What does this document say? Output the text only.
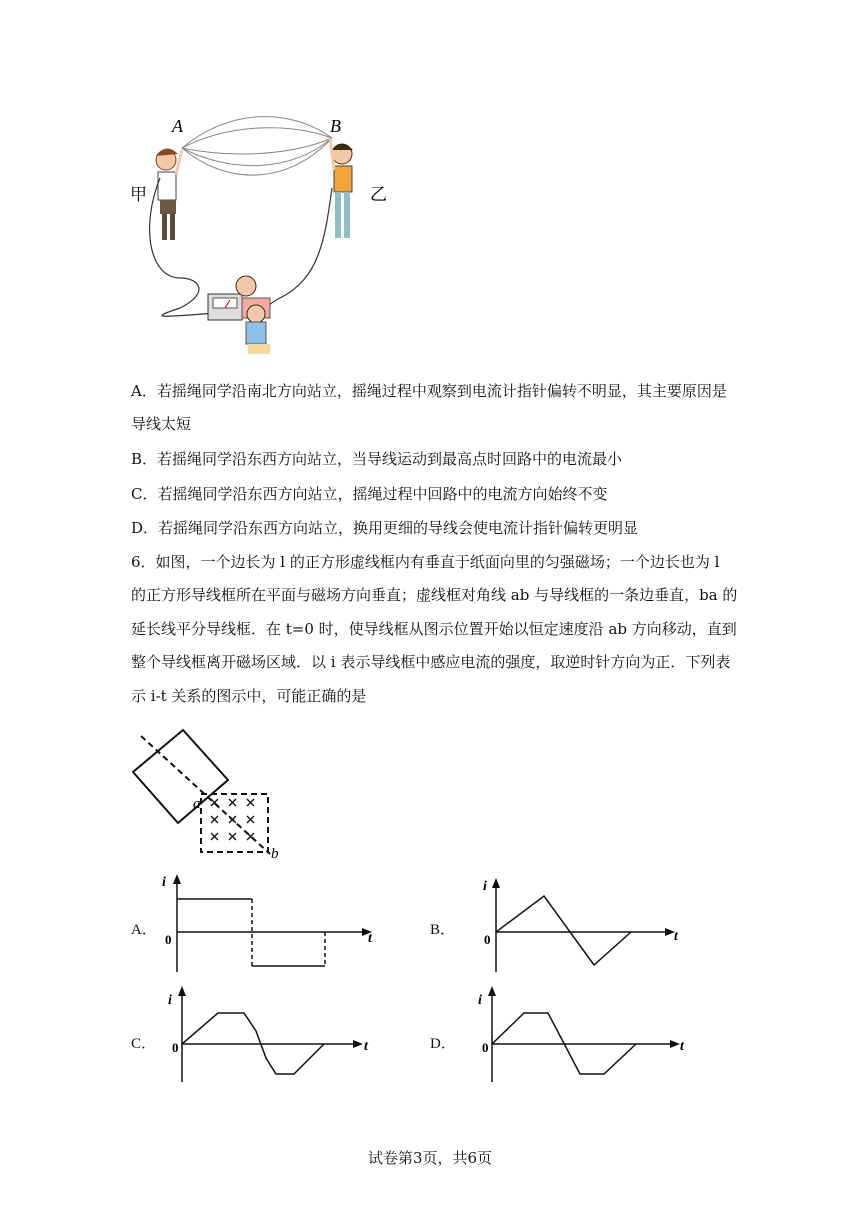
A	B
甲	乙
A．若摇绳同学沿南北方向站立，摇绳过程中观察到电流计指针偏转不明显，其主要原因是
导线太短
B．若摇绳同学沿东西方向站立，当导线运动到最高点时回路中的电流最小
C．若摇绳同学沿东西方向站立，摇绳过程中回路中的电流方向始终不变
D．若摇绳同学沿东西方向站立，换用更细的导线会使电流计指针偏转更明显
6．如图，一个边长为 l 的正方形虚线框内有垂直于纸面向里的匀强磁场；一个边长也为 l
的正方形导线框所在平面与磁场方向垂直；虚线框对角线 ab 与导线框的一条边垂直，ba 的
延长线平分导线框．在 t=0 时，使导线框从图示位置开始以恒定速度沿 ab 方向移动，直到
整个导线框离开磁场区域．以 i 表示导线框中感应电流的强度，取逆时针方向为正．下列表
示 i-t 关系的图示中，可能正确的是
a
b
A．
i
0	t
B．
i
0	t
C．
i
0	t	D．
i
0	t
试卷第3页，共6页
